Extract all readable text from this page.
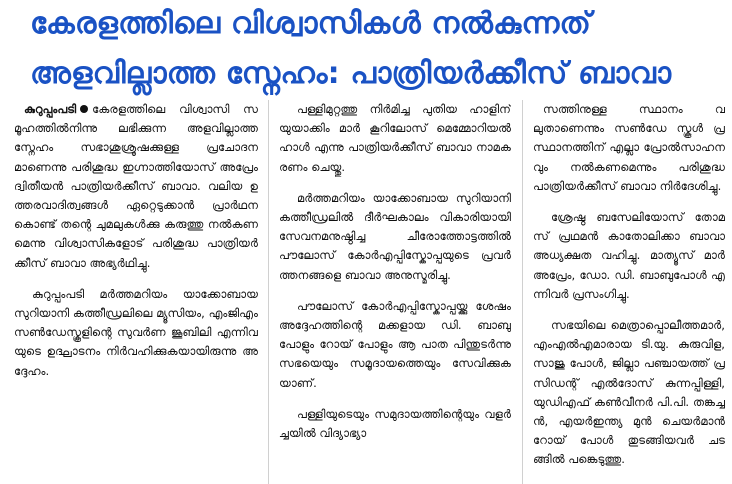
കേരളത്തിലെ വിശ്വാസികൾ നൽകുന്നത്
അളവില്ലാത്ത സ്നേഹം: പാത്രിയർക്കീസ് ബാവാ

കുറുപ്പംപടി കേരളത്തിലെ വിശ്വാസി സമൂഹത്തിൽനിന്നു ലഭിക്കുന്ന അളവില്ലാത്ത സ്നേഹം സഭാശുശ്രൂഷക്കുള്ള പ്രചോദനമാണെന്നു പരിശുദ്ധ ഇഗ്നാത്തിയോസ് അപ്രേം ദ്വിതീയൻ പാത്രിയർക്കീസ് ബാവാ. വലിയ ഉത്തരവാദിത്വങ്ങൾ ഏറ്റെടുക്കാൻ പ്രാർഥനകൊണ്ട് തന്റെ ചുമലുകൾക്കു കരുത്തു നൽകണമെന്നു വിശ്വാസികളോട് പരിശുദ്ധ പാത്രിയർക്കീസ് ബാവാ അഭ്യർഥിച്ചു.

കുറുപ്പംപടി മർത്തമറിയം യാക്കോബായ സുറിയാനി കത്തീഡ്രലിലെ മ്യൂസിയം, എംജിഎം സൺഡേസ്കൂളിന്റെ സുവർണ ജൂബിലി എന്നിവയുടെ ഉദ്ഘാടനം നിർവഹിക്കുകയായിരുന്നു അദ്ദേഹം.

പള്ളിമുറ്റത്തു നിർമിച്ച പുതിയ ഹാളിന് യുയാക്കിം മാർ കൂറിലോസ് മെമ്മോറിയൽ ഹാൾ എന്നു പാത്രിയർക്കീസ് ബാവാ നാമകരണം ചെയ്തു.

മർത്തമറിയം യാക്കോബായ സുറിയാനി കത്തീഡ്രലിൽ ദീർഘകാലം വികാരിയായി സേവനമനുഷ്ഠിച്ച ചീരോത്തോട്ടത്തിൽ പൗലോസ് കോർഎപ്പിസ്കോപ്പയുടെ പ്രവർത്തനങ്ങളെ ബാവാ അനുസ്മരിച്ചു.

പൗലോസ് കോർഎപ്പിസ്കോപ്പയ്ക്കു ശേഷം അദ്ദേഹത്തിന്റെ മക്കളായ ഡി. ബാബു പോളും റോയ് പോളും ആ പാത പിന്തുടർന്നു സഭയെയും സമൂദായത്തെയും സേവിക്കുകയാണ്.

പള്ളിയുടെയും സമുദായത്തിന്റെയും വളർച്ചയിൽ വിദ്യാഭ്യാ

സത്തിനുള്ള സ്ഥാനം വലുതാണെന്നും സൺഡേ സ്കൂൾ പ്രസ്ഥാനത്തിന് എല്ലാ പ്രോൽസാഹനവും നൽകണമെന്നും പരിശുദ്ധ പാത്രിയർക്കീസ് ബാവാ നിർദേശിച്ചു.

ശ്രേഷ്ഠ ബസേലിയോസ് തോമസ് പ്രഥമൻ കാതോലിക്കാ ബാവാ അധ്യക്ഷത വഹിച്ചു. മാത്യൂസ് മാർ അപ്രേം, ഡോ. ഡി. ബാബുപോൾ എന്നിവർ പ്രസംഗിച്ചു.

സഭയിലെ മെത്രാപ്പൊലീത്തമാർ, എംഎൽഎമാരായ ടി.യു. കുരുവിള, സാജു പോൾ, ജില്ലാ പഞ്ചായത്ത് പ്രസിഡന്റ് എൽദോസ് കുന്നപ്പിള്ളി, യുഡിഎഫ് കൺവീനർ പി.പി. തങ്കച്ചൻ, എയർഇന്ത്യ മുൻ ചെയർമാൻ റോയ് പോൾ തുടങ്ങിയവർ ചടങ്ങിൽ പങ്കെടുത്തു.
